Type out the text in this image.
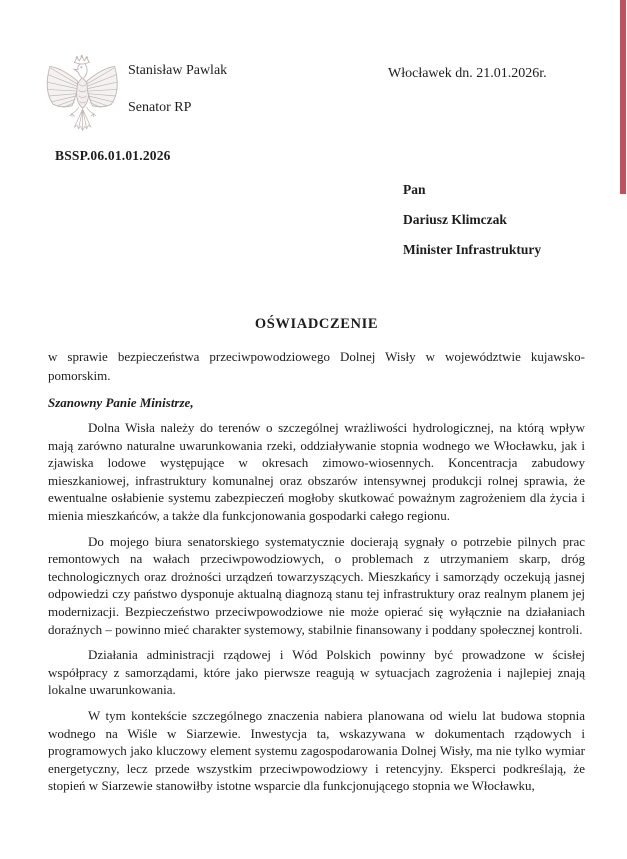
Stanisław Pawlak
Senator RP
Włocławek dn. 21.01.2026r.
BSSP.06.01.01.2026
Pan
Dariusz Klimczak
Minister Infrastruktury
OŚWIADCZENIE

w sprawie bezpieczeństwa przeciwpowodziowego Dolnej Wisły w województwie kujawsko-pomorskim.

Szanowny Panie Ministrze,

Dolna Wisła należy do terenów o szczególnej wrażliwości hydrologicznej, na którą wpływ mają zarówno naturalne uwarunkowania rzeki, oddziaływanie stopnia wodnego we Włocławku, jak i zjawiska lodowe występujące w okresach zimowo-wiosennych. Koncentracja zabudowy mieszkaniowej, infrastruktury komunalnej oraz obszarów intensywnej produkcji rolnej sprawia, że ewentualne osłabienie systemu zabezpieczeń mogłoby skutkować poważnym zagrożeniem dla życia i mienia mieszkańców, a także dla funkcjonowania gospodarki całego regionu.

Do mojego biura senatorskiego systematycznie docierają sygnały o potrzebie pilnych prac remontowych na wałach przeciwpowodziowych, o problemach z utrzymaniem skarp, dróg technologicznych oraz drożności urządzeń towarzyszących. Mieszkańcy i samorządy oczekują jasnej odpowiedzi czy państwo dysponuje aktualną diagnozą stanu tej infrastruktury oraz realnym planem jej modernizacji. Bezpieczeństwo przeciwpowodziowe nie może opierać się wyłącznie na działaniach doraźnych – powinno mieć charakter systemowy, stabilnie finansowany i poddany społecznej kontroli.

Działania administracji rządowej i Wód Polskich powinny być prowadzone w ścisłej współpracy z samorządami, które jako pierwsze reagują w sytuacjach zagrożenia i najlepiej znają lokalne uwarunkowania.

W tym kontekście szczególnego znaczenia nabiera planowana od wielu lat budowa stopnia wodnego na Wiśle w Siarzewie. Inwestycja ta, wskazywana w dokumentach rządowych i programowych jako kluczowy element systemu zagospodarowania Dolnej Wisły, ma nie tylko wymiar energetyczny, lecz przede wszystkim przeciwpowodziowy i retencyjny. Eksperci podkreślają, że stopień w Siarzewie stanowiłby istotne wsparcie dla funkcjonującego stopnia we Włocławku,
